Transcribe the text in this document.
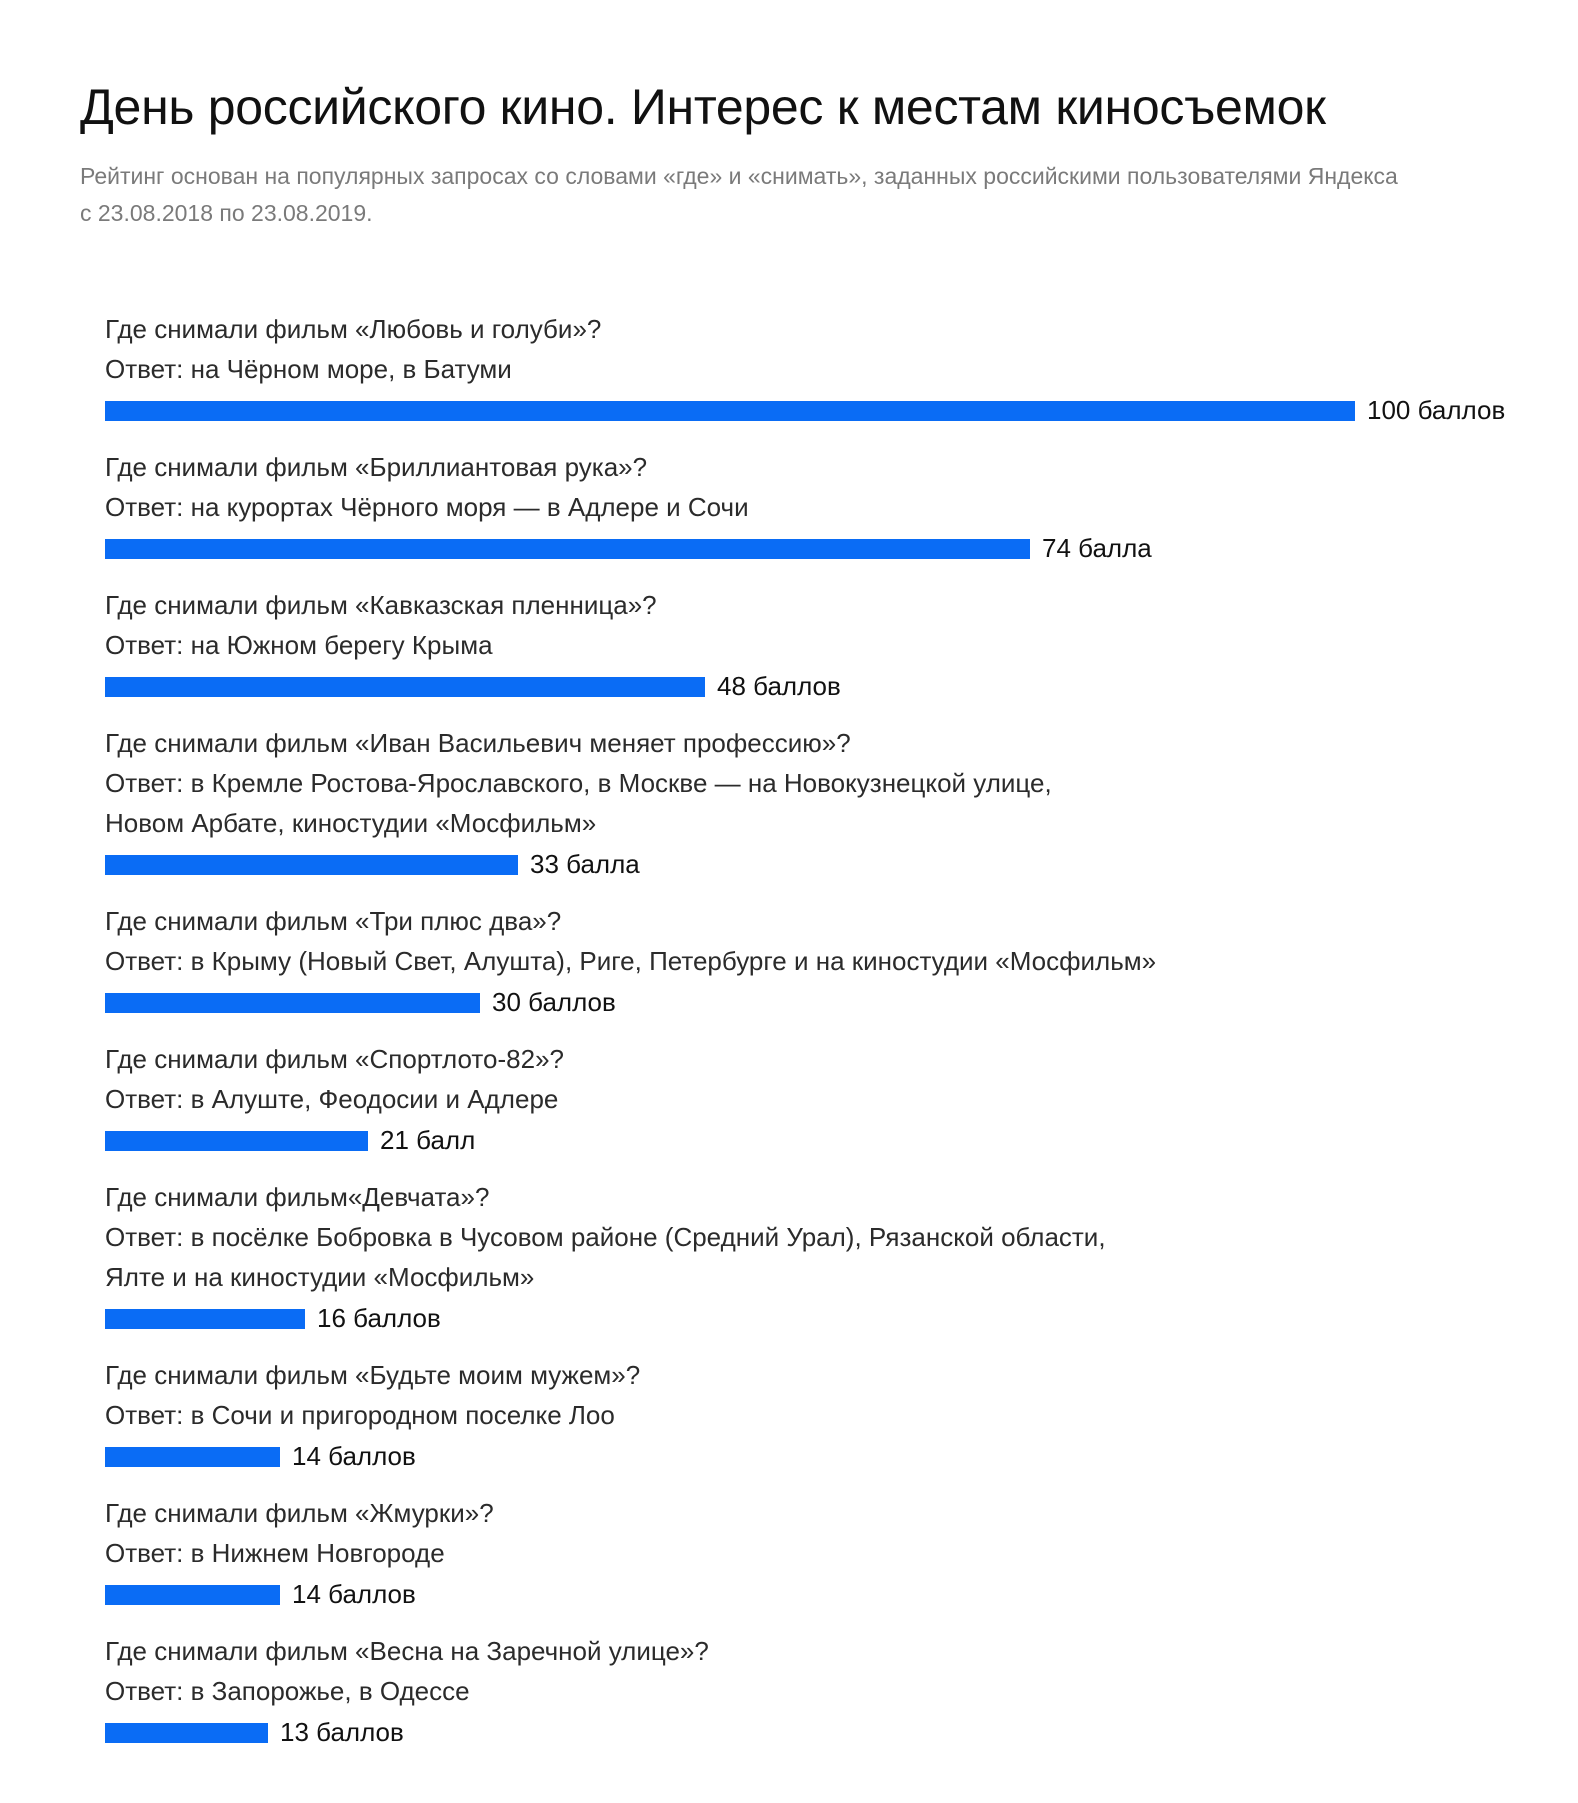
День российского кино. Интерес к местам киносъемок
Рейтинг основан на популярных запросах со словами «где» и «снимать», заданных российскими пользователями Яндекса с 23.08.2018 по 23.08.2019.
Где снимали фильм «Любовь и голуби»?
Ответ: на Чёрном море, в Батуми
100 баллов
Где снимали фильм «Бриллиантовая рука»?
Ответ: на курортах Чёрного моря — в Адлере и Сочи
74 балла
Где снимали фильм «Кавказская пленница»?
Ответ: на Южном берегу Крыма
48 баллов
Где снимали фильм «Иван Васильевич меняет профессию»?
Ответ: в Кремле Ростова-Ярославского, в Москве — на Новокузнецкой улице,
Новом Арбате, киностудии «Мосфильм»
33 балла
Где снимали фильм «Три плюс два»?
Ответ: в Крыму (Новый Свет, Алушта), Риге, Петербурге и на киностудии «Мосфильм»
30 баллов
Где снимали фильм «Спортлото-82»?
Ответ: в Алуште, Феодосии и Адлере
21 балл
Где снимали фильм«Девчата»?
Ответ: в посёлке Бобровка в Чусовом районе (Средний Урал), Рязанской области,
Ялте и на киностудии «Мосфильм»
16 баллов
Где снимали фильм «Будьте моим мужем»?
Ответ: в Сочи и пригородном поселке Лоо
14 баллов
Где снимали фильм «Жмурки»?
Ответ: в Нижнем Новгороде
14 баллов
Где снимали фильм «Весна на Заречной улице»?
Ответ: в Запорожье, в Одессе
13 баллов
